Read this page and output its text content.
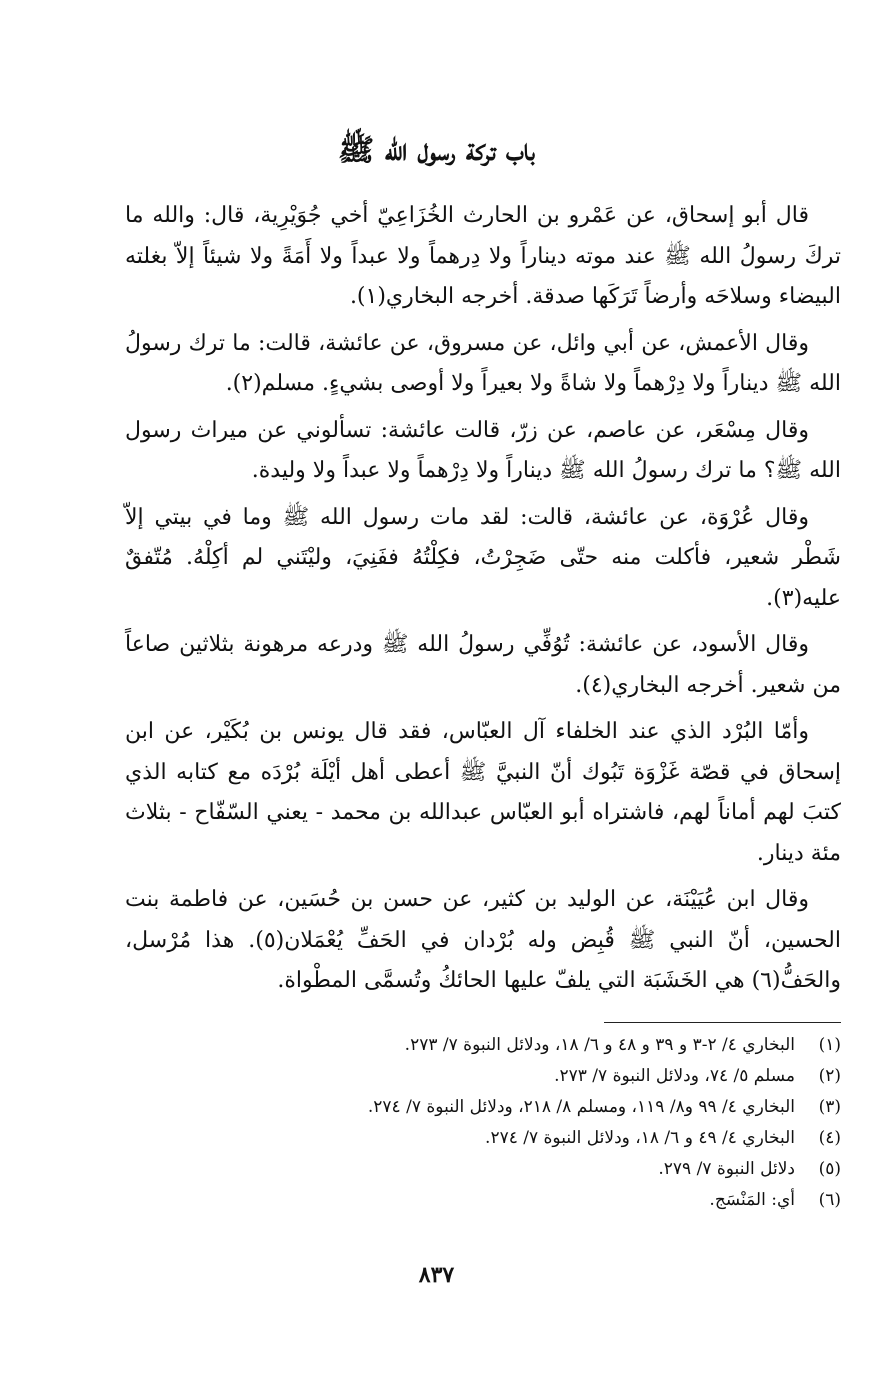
باب تركة رسول الله ﷺ

قال أبو إسحاق، عن عَمْرو بن الحارث الخُزَاعِيّ أخي جُوَيْرِية، قال: والله ما تركَ رسولُ الله ﷺ عند موته ديناراً ولا دِرهماً ولا عبداً ولا أَمَةً ولا شيئاً إلاّ بغلته البيضاء وسلاحَه وأرضاً تَرَكَها صدقة. أخرجه البخاري(١).

وقال الأعمش، عن أبي وائل، عن مسروق، عن عائشة، قالت: ما ترك رسولُ الله ﷺ ديناراً ولا دِرْهماً ولا شاةً ولا بعيراً ولا أوصى بشيءٍ. مسلم(٢).

وقال مِسْعَر، عن عاصم، عن زرّ، قالت عائشة: تسألوني عن ميراث رسول الله ﷺ؟ ما ترك رسولُ الله ﷺ ديناراً ولا دِرْهماً ولا عبداً ولا وليدة.

وقال عُرْوَة، عن عائشة، قالت: لقد مات رسول الله ﷺ وما في بيتي إلاّ شَطْر شعير، فأكلت منه حتّى ضَجِرْتُ، فكِلْتُهُ ففَنِيَ، وليْتَني لم أكِلْهُ. مُتّفقٌ عليه(٣).

وقال الأسود، عن عائشة: تُوُفِّي رسولُ الله ﷺ ودرعه مرهونة بثلاثين صاعاً من شعير. أخرجه البخاري(٤).

وأمّا البُرْد الذي عند الخلفاء آل العبّاس، فقد قال يونس بن بُكَيْر، عن ابن إسحاق في قصّة غَزْوَة تَبُوك أنّ النبيَّ ﷺ أعطى أهل أيْلَة بُرْدَه مع كتابه الذي كتبَ لهم أماناً لهم، فاشتراه أبو العبّاس عبدالله بن محمد - يعني السّفّاح - بثلاث مئة دينار.

وقال ابن عُيَيْنَة، عن الوليد بن كثير، عن حسن بن حُسَين، عن فاطمة بنت الحسين، أنّ النبي ﷺ قُبِض وله بُرْدان في الحَفِّ يُعْمَلان(٥). هذا مُرْسل، والحَفُّ(٦) هي الخَشَبَة التي يلفّ عليها الحائكُ وتُسمَّى المطْواة.

(١)
البخاري ٤/ ٢-٣ و ٣٩ و ٤٨ و ٦/ ١٨، ودلائل النبوة ٧/ ٢٧٣.
(٢)
مسلم ٥/ ٧٤، ودلائل النبوة ٧/ ٢٧٣.
(٣)
البخاري ٤/ ٩٩ و٨/ ١١٩، ومسلم ٨/ ٢١٨، ودلائل النبوة ٧/ ٢٧٤.
(٤)
البخاري ٤/ ٤٩ و ٦/ ١٨، ودلائل النبوة ٧/ ٢٧٤.
(٥)
دلائل النبوة ٧/ ٢٧٩.
(٦)
أي: المَنْسَج.
٨٣٧
